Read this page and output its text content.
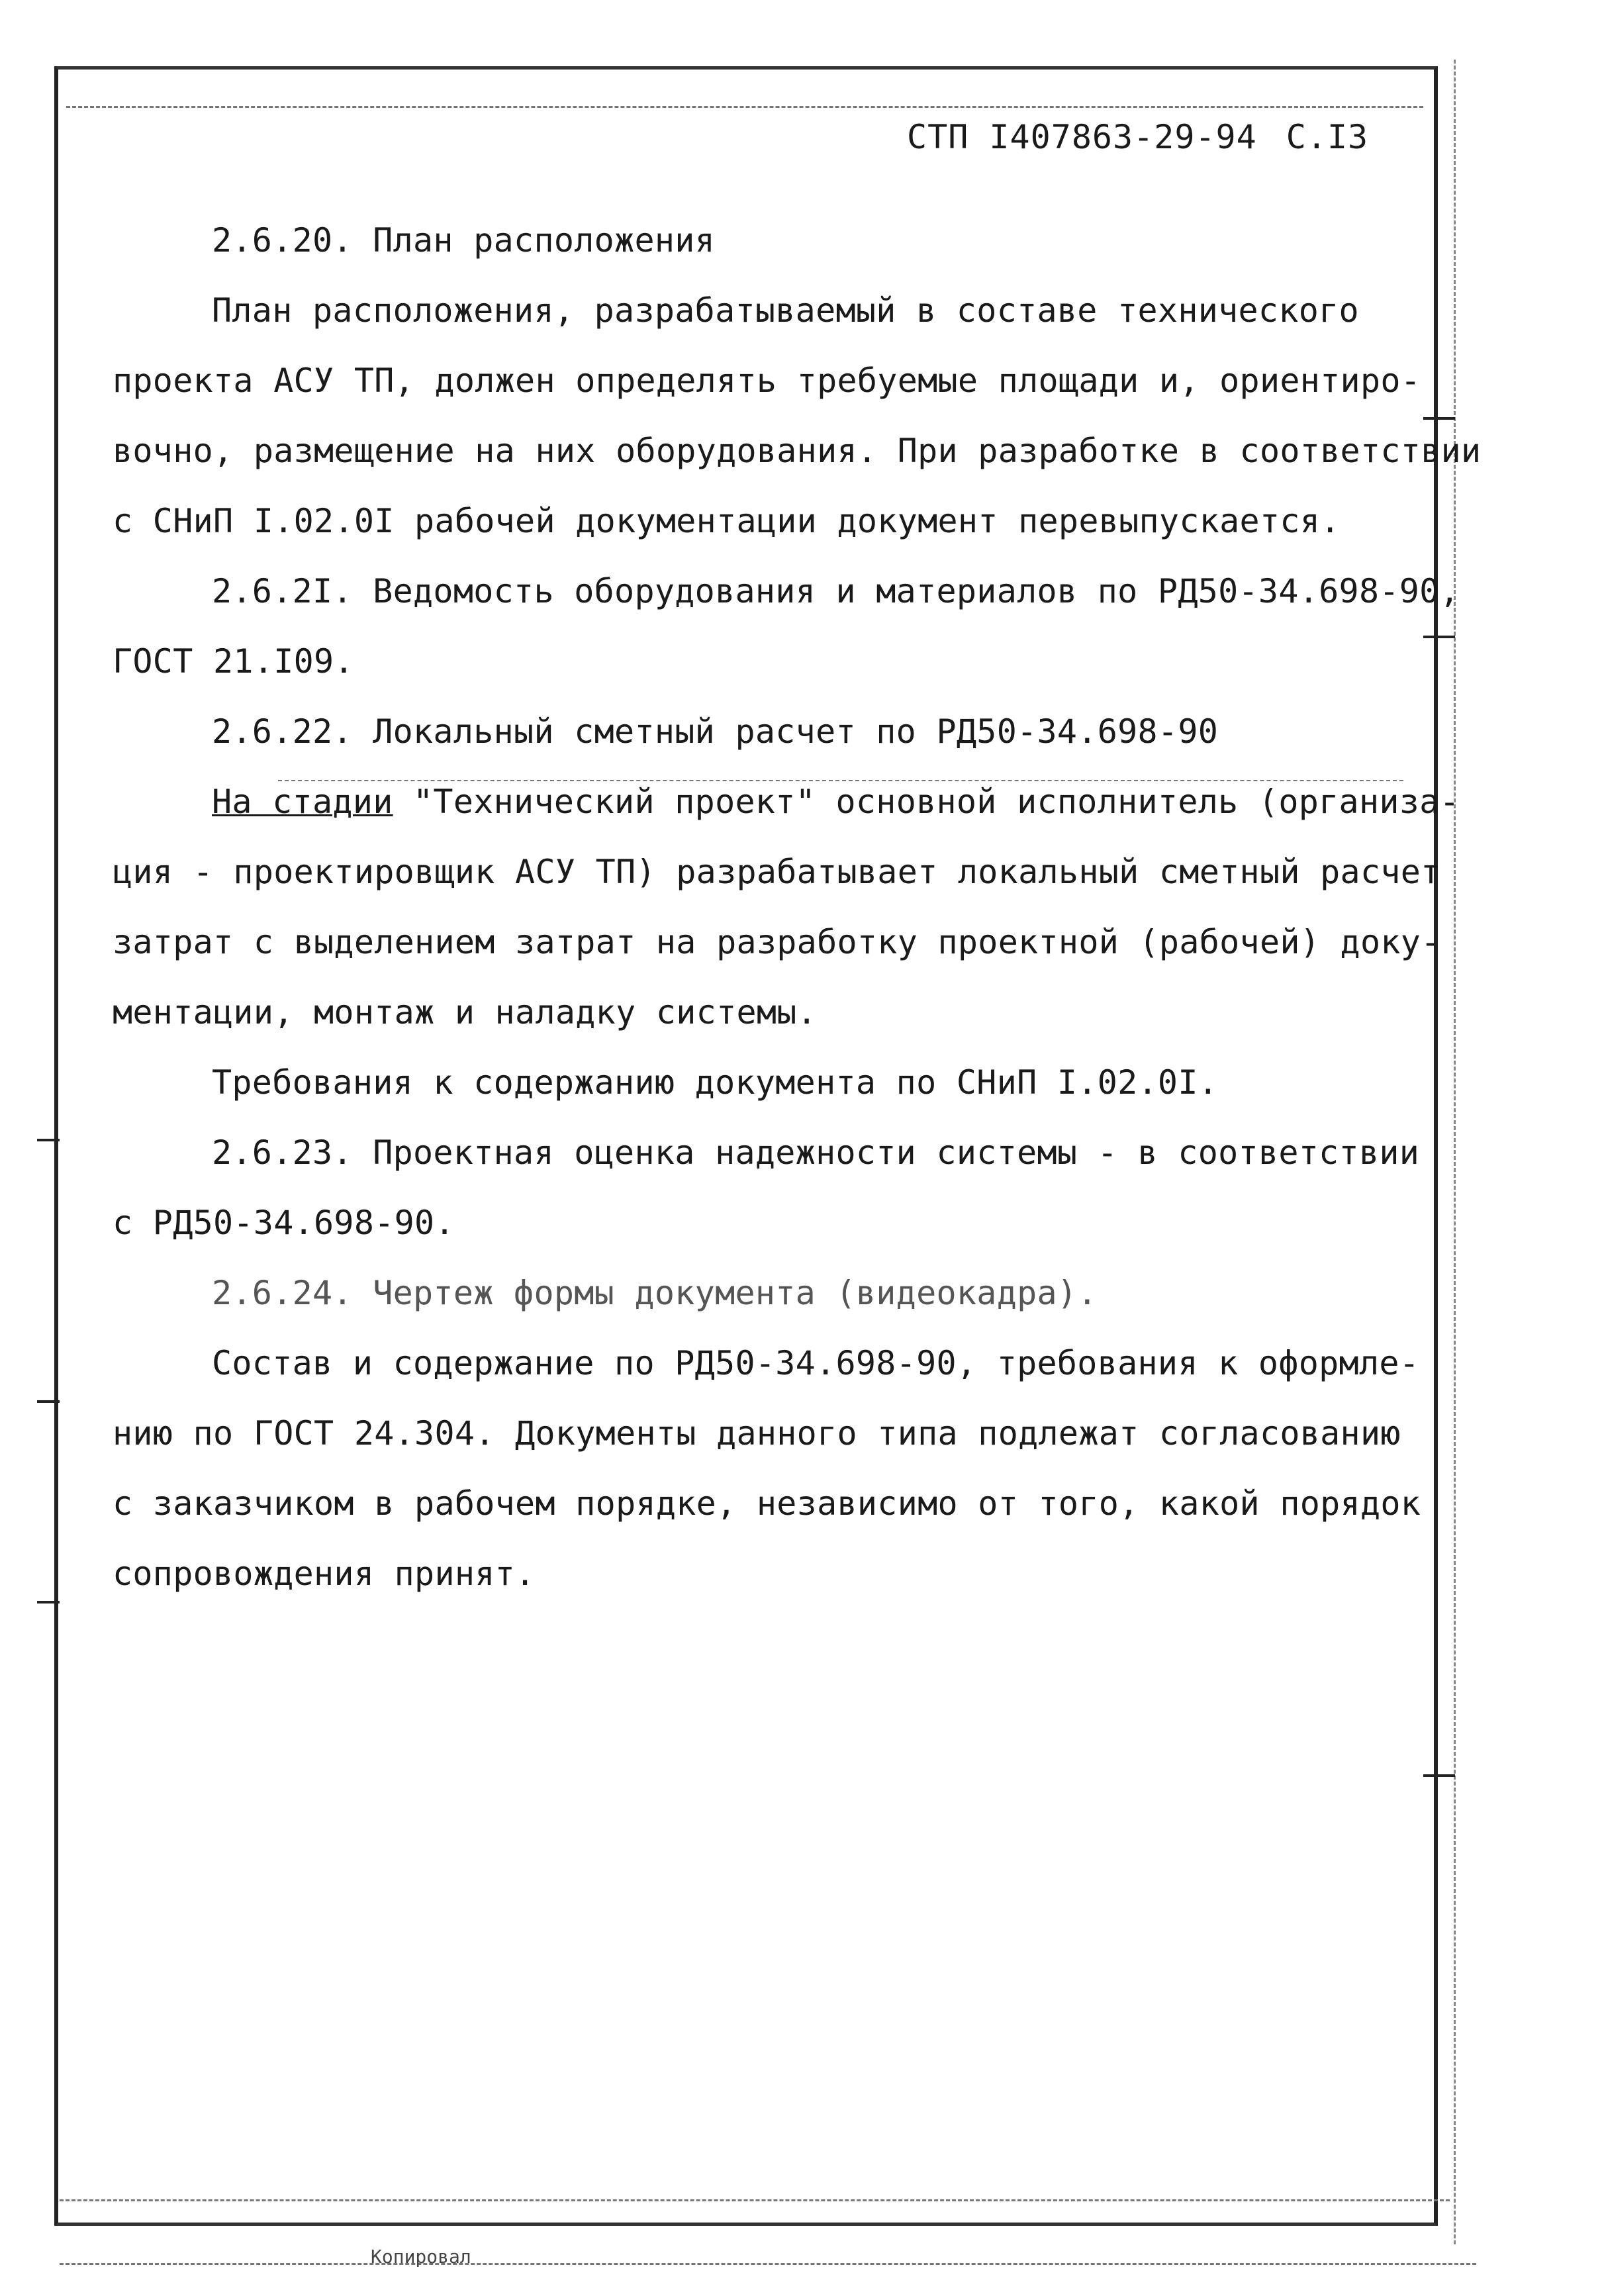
СТП I407863-29-94 С.I3
2.6.20. План расположения
План расположения, разрабатываемый в составе технического
проекта АСУ ТП, должен определять требуемые площади и, ориентиро-
вочно, размещение на них оборудования. При разработке в соответствии
с СНиП I.02.0I рабочей документации документ перевыпускается.
2.6.2I. Ведомость оборудования и материалов по РД50-34.698-90,
ГОСТ 21.I09.
2.6.22. Локальный сметный расчет по РД50-34.698-90
На стадии "Технический проект" основной исполнитель (организа-
ция - проектировщик АСУ ТП) разрабатывает локальный сметный расчет
затрат с выделением затрат на разработку проектной (рабочей) доку-
ментации, монтаж и наладку системы.
Требования к содержанию документа по СНиП I.02.0I.
2.6.23. Проектная оценка надежности системы - в соответствии
с РД50-34.698-90.
2.6.24. Чертеж формы документа (видеокадра).
Состав и содержание по РД50-34.698-90, требования к оформле-
нию по ГОСТ 24.304. Документы данного типа подлежат согласованию
с заказчиком в рабочем порядке, независимо от того, какой порядок
сопровождения принят.
Копировал
